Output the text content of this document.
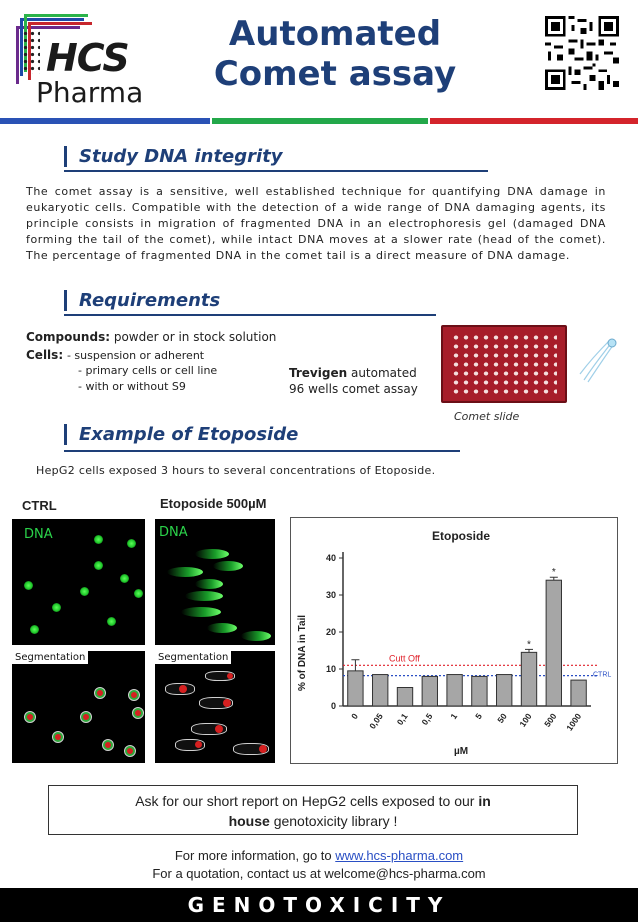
HCS
Pharma
Automated
Comet assay
Study DNA integrity

The comet assay is a sensitive, well established technique for quantifying DNA damage in eukaryotic cells. Compatible with the detection of a wide range of DNA damaging agents, its principle consists in migration of fragmented DNA in an electrophoresis gel (damaged DNA forming the tail of the comet), while intact DNA moves at a slower rate (head of the comet). The percentage of fragmented DNA in the comet tail is a direct measure of DNA damage.

Requirements
Compounds: powder or in stock solution
Cells: - suspension or adherent
- primary cells or cell line
- with or without S9
Trevigen automated
96 wells comet assay
Comet slide
Example of Etoposide
HepG2 cells exposed 3 hours to several concentrations of Etoposide.
CTRL	Etoposide 500µM
DNA	DNA
Segmentation	Segmentation
Etoposide
% of DNA in Tail
µM
0
10
20
30
40
Cutt Off
CTRL
0 0,05 0,1 0,5 1 5 50
*
100
*
500 1000
Ask for our short report on HepG2 cells exposed to our in
house genotoxicity library !
For more information, go to www.hcs-pharma.com
For a quotation, contact us at welcome@hcs-pharma.com
GENOTOXICITY
